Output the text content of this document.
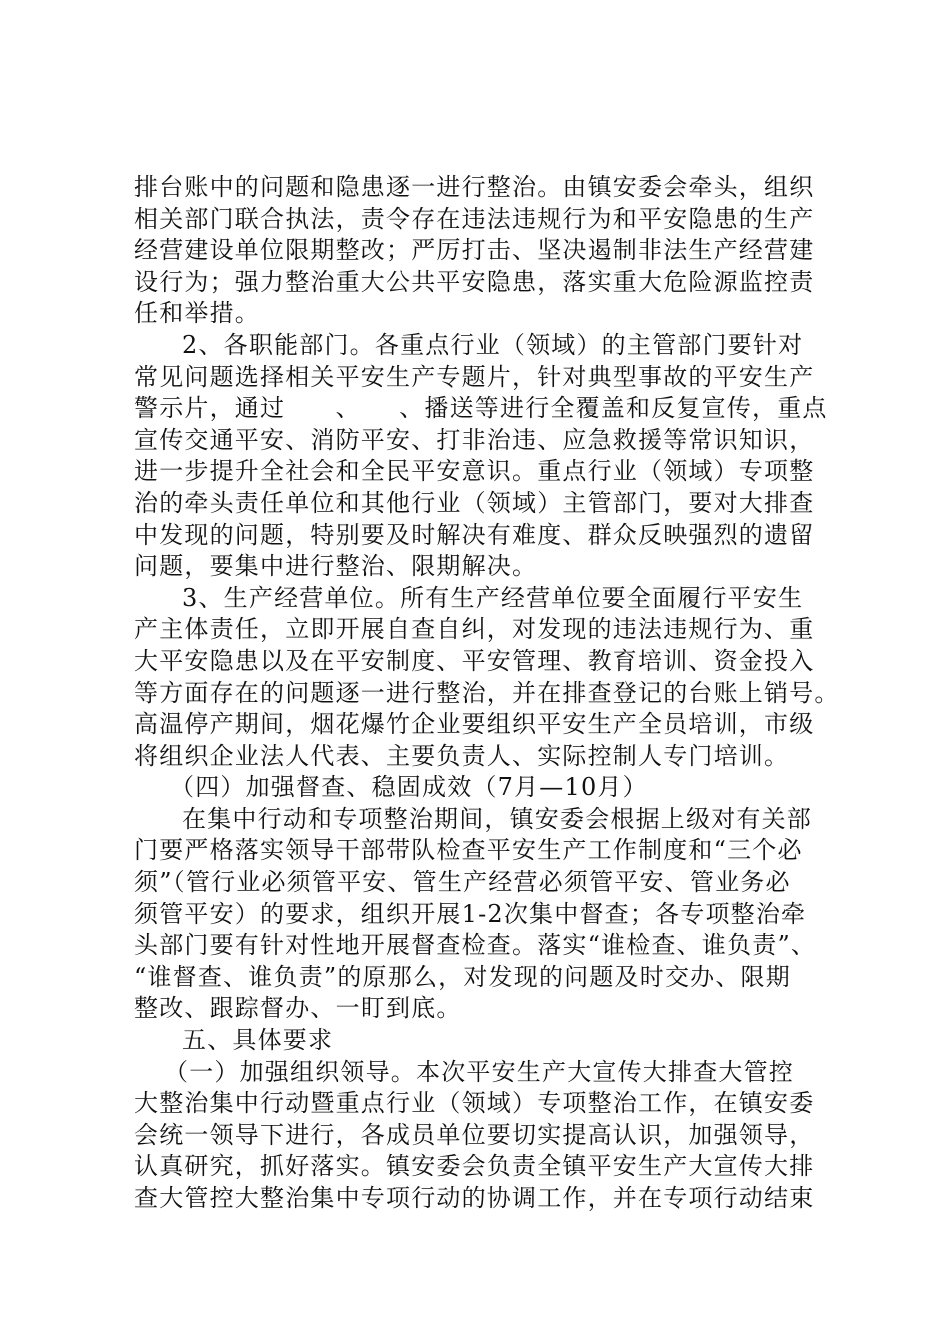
排台账中的问题和隐患逐一进行整治。由镇安委会牵头，组织
相关部门联合执法，责令存在违法违规行为和平安隐患的生产
经营建设单位限期整改；严厉打击、坚决遏制非法生产经营建
设行为；强力整治重大公共平安隐患，落实重大危险源监控责
任和举措。
2、各职能部门。各重点行业（领域）的主管部门要针对
常见问题选择相关平安生产专题片，针对典型事故的平安生产
警示片，通过　　、　　、播送等进行全覆盖和反复宣传，重点
宣传交通平安、消防平安、打非治违、应急救援等常识知识，
进一步提升全社会和全民平安意识。重点行业（领域）专项整
治的牵头责任单位和其他行业（领域）主管部门，要对大排查
中发现的问题，特别要及时解决有难度、群众反映强烈的遗留
问题，要集中进行整治、限期解决。
3、生产经营单位。所有生产经营单位要全面履行平安生
产主体责任，立即开展自查自纠，对发现的违法违规行为、重
大平安隐患以及在平安制度、平安管理、教育培训、资金投入
等方面存在的问题逐一进行整治，并在排查登记的台账上销号。
高温停产期间，烟花爆竹企业要组织平安生产全员培训，市级
将组织企业法人代表、主要负责人、实际控制人专门培训。
（四）加强督查、稳固成效（7月—10月）
在集中行动和专项整治期间，镇安委会根据上级对有关部
门要严格落实领导干部带队检查平安生产工作制度和“三个必
须”（管行业必须管平安、管生产经营必须管平安、管业务必
须管平安）的要求，组织开展1-2次集中督查；各专项整治牵
头部门要有针对性地开展督查检查。落实“谁检查、谁负责”、
“谁督查、谁负责”的原那么，对发现的问题及时交办、限期
整改、跟踪督办、一盯到底。
五、具体要求
（一）加强组织领导。本次平安生产大宣传大排查大管控
大整治集中行动暨重点行业（领域）专项整治工作，在镇安委
会统一领导下进行，各成员单位要切实提高认识，加强领导，
认真研究，抓好落实。镇安委会负责全镇平安生产大宣传大排
查大管控大整治集中专项行动的协调工作，并在专项行动结束
